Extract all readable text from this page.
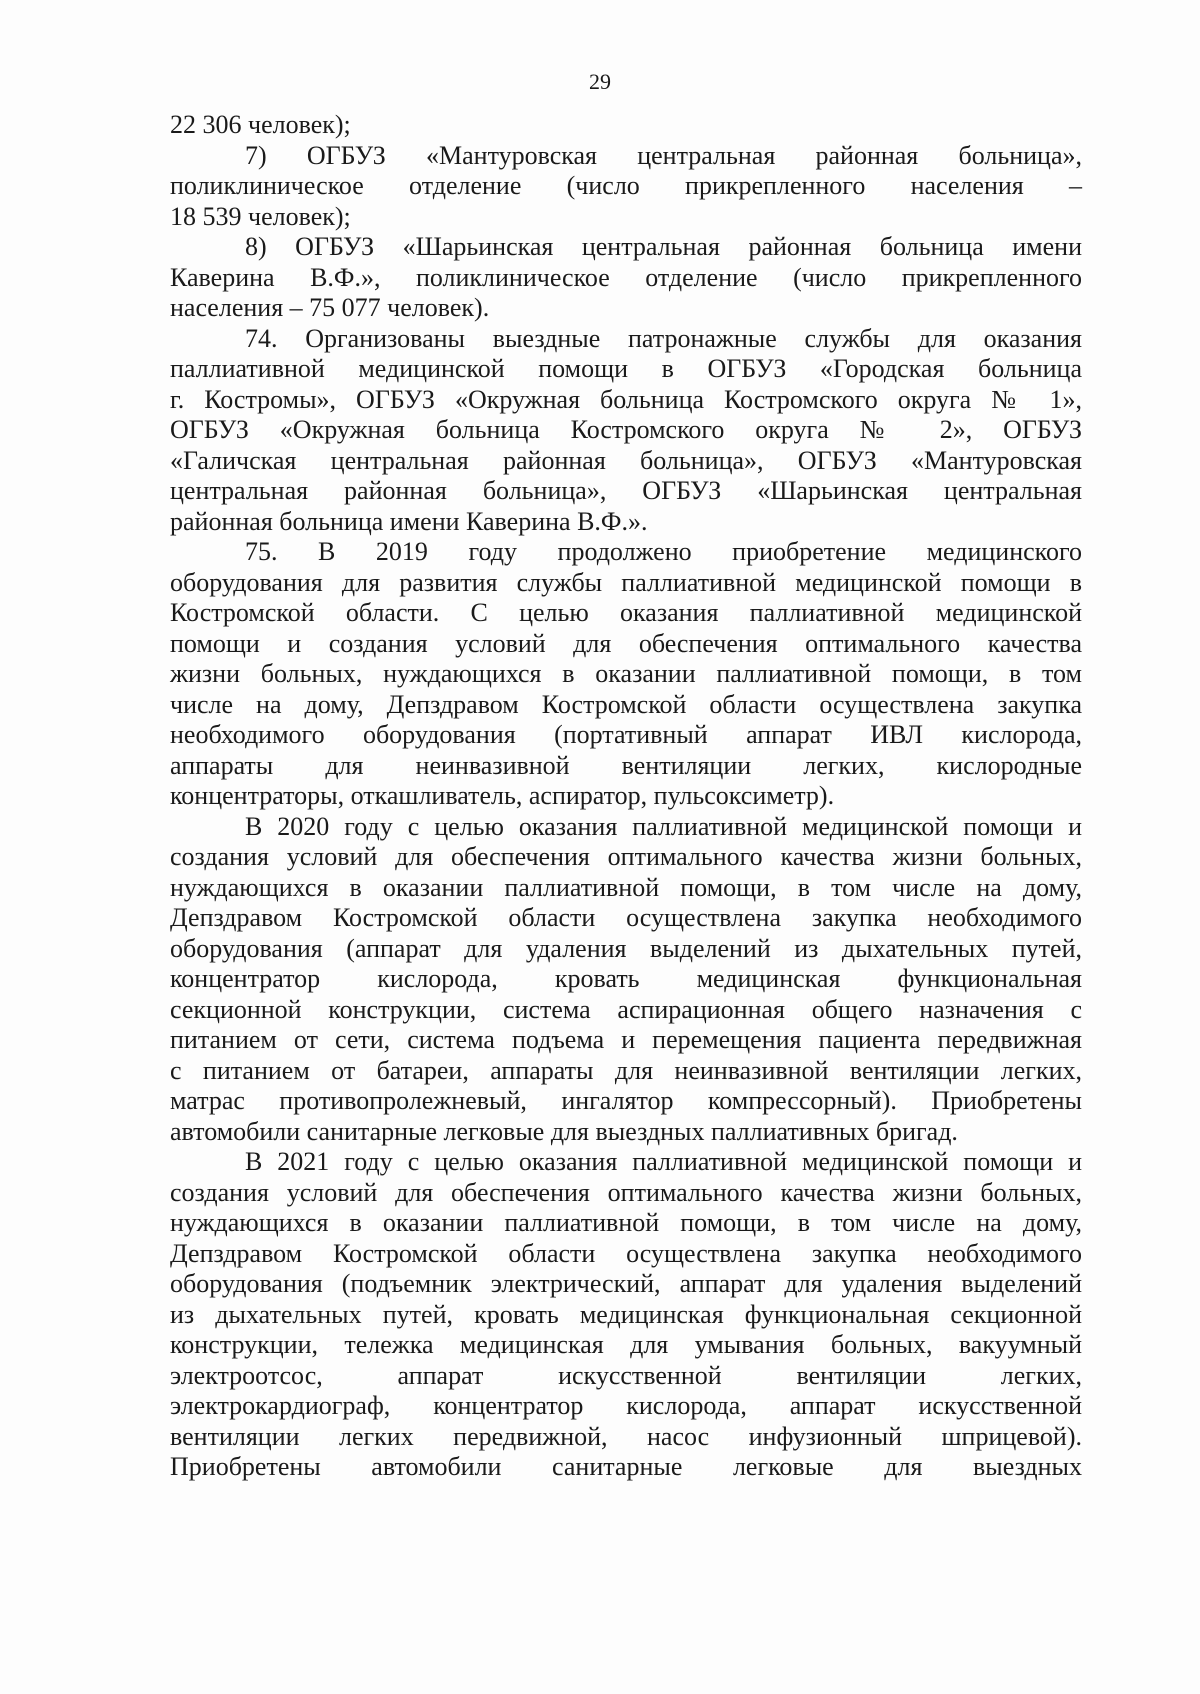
29
22 306 человек);
7) ОГБУЗ «Мантуровская центральная районная больница»,
поликлиническое отделение (число прикрепленного населения –
18 539 человек);
8) ОГБУЗ «Шарьинская центральная районная больница имени
Каверина В.Ф.», поликлиническое отделение (число прикрепленного
населения – 75 077 человек).
74. Организованы выездные патронажные службы для оказания
паллиативной медицинской помощи в ОГБУЗ «Городская больница
г. Костромы», ОГБУЗ «Окружная больница Костромского округа № 1»,
ОГБУЗ «Окружная больница Костромского округа № 2», ОГБУЗ
«Галичская центральная районная больница», ОГБУЗ «Мантуровская
центральная районная больница», ОГБУЗ «Шарьинская центральная
районная больница имени Каверина В.Ф.».
75. В 2019 году продолжено приобретение медицинского
оборудования для развития службы паллиативной медицинской помощи в
Костромской области. С целью оказания паллиативной медицинской
помощи и создания условий для обеспечения оптимального качества
жизни больных, нуждающихся в оказании паллиативной помощи, в том
числе на дому, Депздравом Костромской области осуществлена закупка
необходимого оборудования (портативный аппарат ИВЛ кислорода,
аппараты для неинвазивной вентиляции легких, кислородные
концентраторы, откашливатель, аспиратор, пульсоксиметр).
В 2020 году с целью оказания паллиативной медицинской помощи и
создания условий для обеспечения оптимального качества жизни больных,
нуждающихся в оказании паллиативной помощи, в том числе на дому,
Депздравом Костромской области осуществлена закупка необходимого
оборудования (аппарат для удаления выделений из дыхательных путей,
концентратор кислорода, кровать медицинская функциональная
секционной конструкции, система аспирационная общего назначения с
питанием от сети, система подъема и перемещения пациента передвижная
с питанием от батареи, аппараты для неинвазивной вентиляции легких,
матрас противопролежневый, ингалятор компрессорный). Приобретены
автомобили санитарные легковые для выездных паллиативных бригад.
В 2021 году с целью оказания паллиативной медицинской помощи и
создания условий для обеспечения оптимального качества жизни больных,
нуждающихся в оказании паллиативной помощи, в том числе на дому,
Депздравом Костромской области осуществлена закупка необходимого
оборудования (подъемник электрический, аппарат для удаления выделений
из дыхательных путей, кровать медицинская функциональная секционной
конструкции, тележка медицинская для умывания больных, вакуумный
электроотсос, аппарат искусственной вентиляции легких,
электрокардиограф, концентратор кислорода, аппарат искусственной
вентиляции легких передвижной, насос инфузионный шприцевой).
Приобретены автомобили санитарные легковые для выездных
